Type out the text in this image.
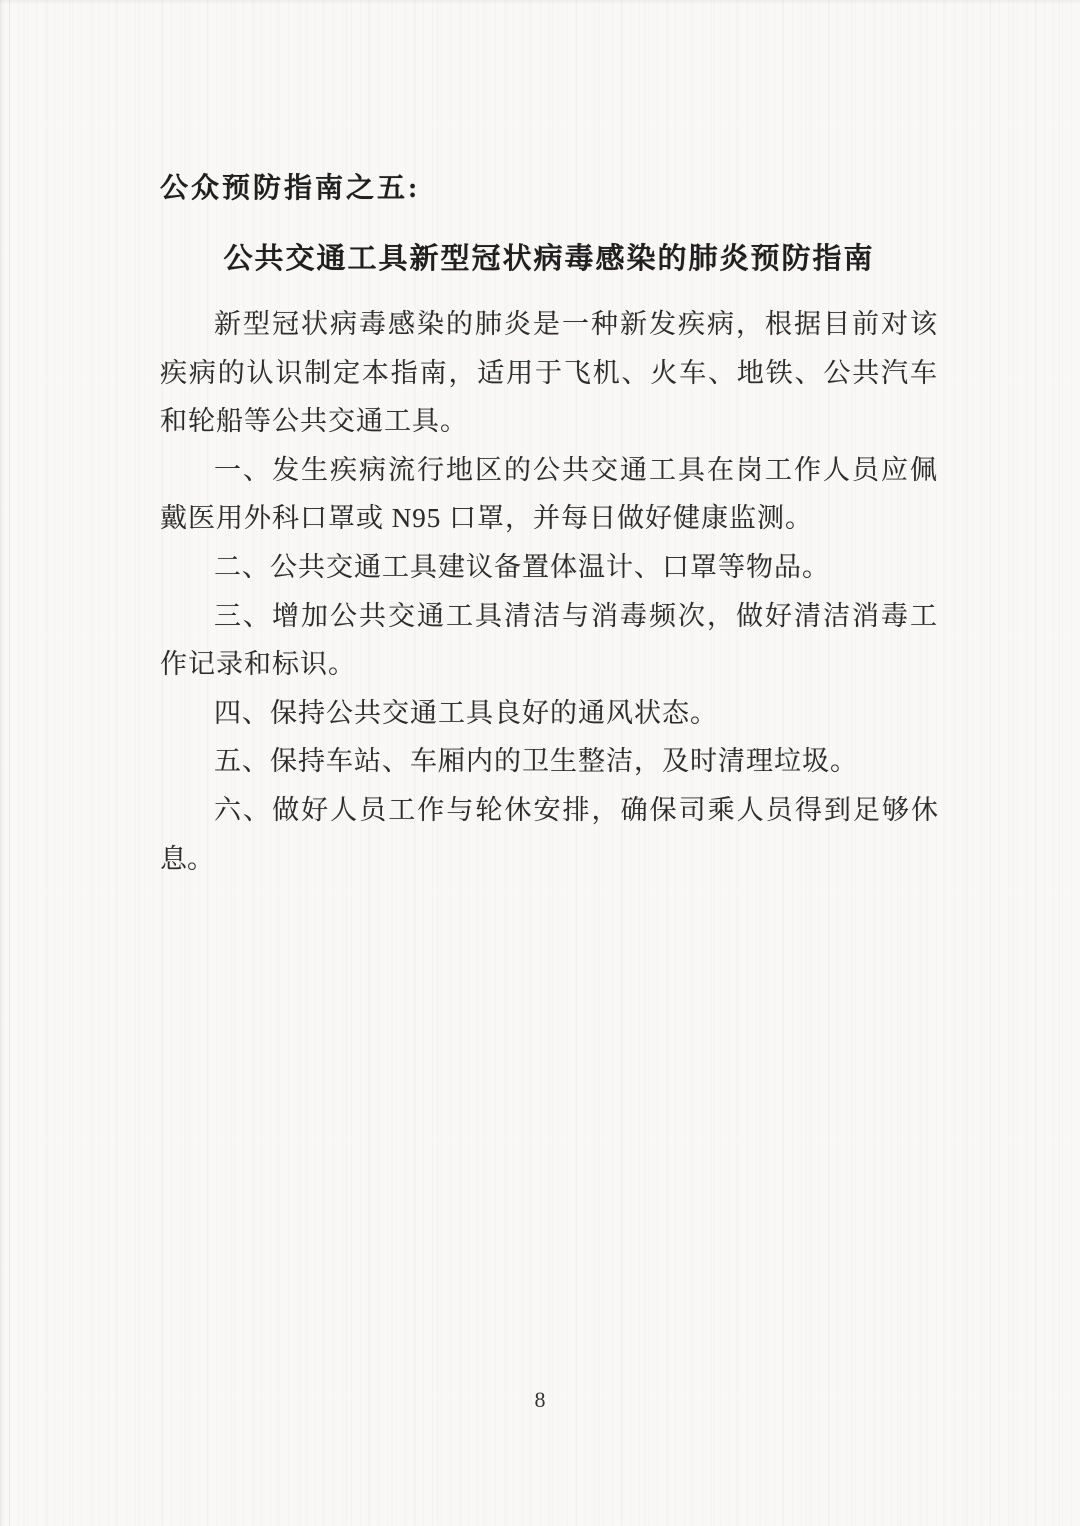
公众预防指南之五:
公共交通工具新型冠状病毒感染的肺炎预防指南

新型冠状病毒感染的肺炎是一种新发疾病，根据目前对该疾病的认识制定本指南，适用于飞机、火车、地铁、公共汽车和轮船等公共交通工具。

一、发生疾病流行地区的公共交通工具在岗工作人员应佩戴医用外科口罩或 N95 口罩，并每日做好健康监测。

二、公共交通工具建议备置体温计、口罩等物品。

三、增加公共交通工具清洁与消毒频次，做好清洁消毒工作记录和标识。

四、保持公共交通工具良好的通风状态。

五、保持车站、车厢内的卫生整洁，及时清理垃圾。

六、做好人员工作与轮休安排，确保司乘人员得到足够休息。

8
